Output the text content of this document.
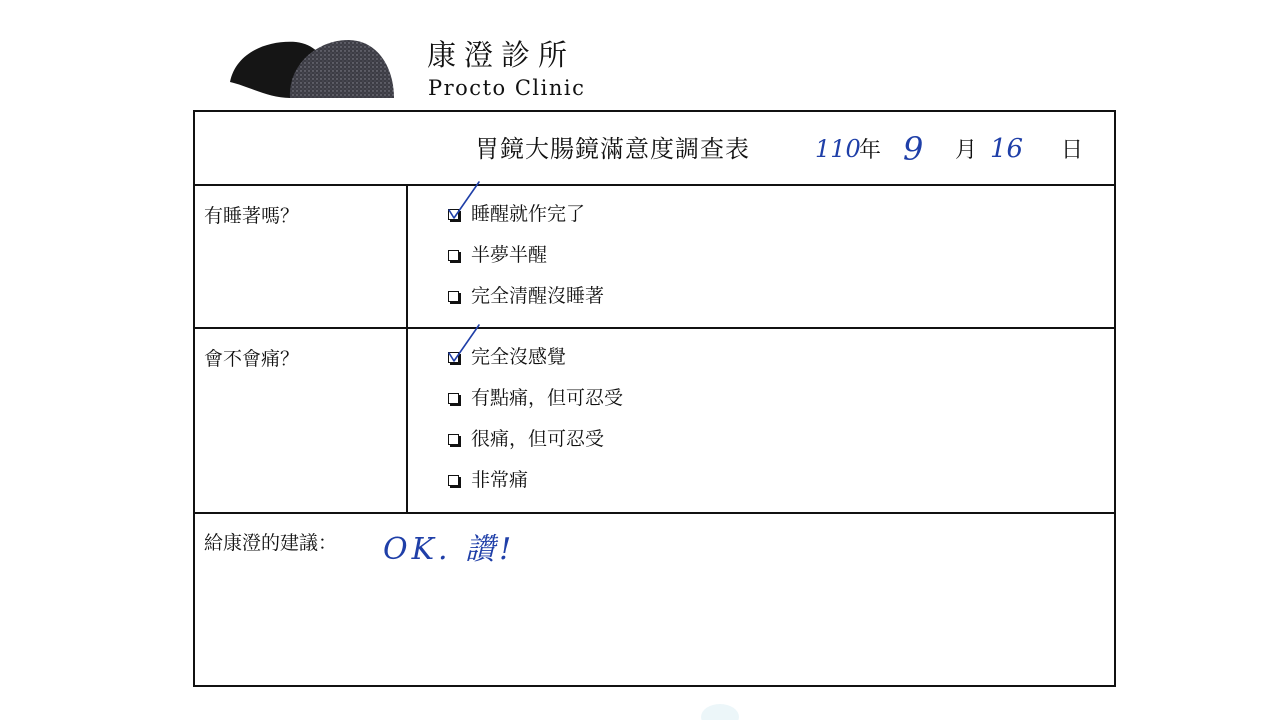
康澄診所
Procto Clinic
胃鏡大腸鏡滿意度調查表	110
年 9 月 16 日
有睡著嗎？	睡醒就作完了
半夢半醒
完全清醒沒睡著
會不會痛？	完全沒感覺
有點痛，但可忍受
很痛，但可忍受
非常痛
給康澄的建議： OK. 讚!
